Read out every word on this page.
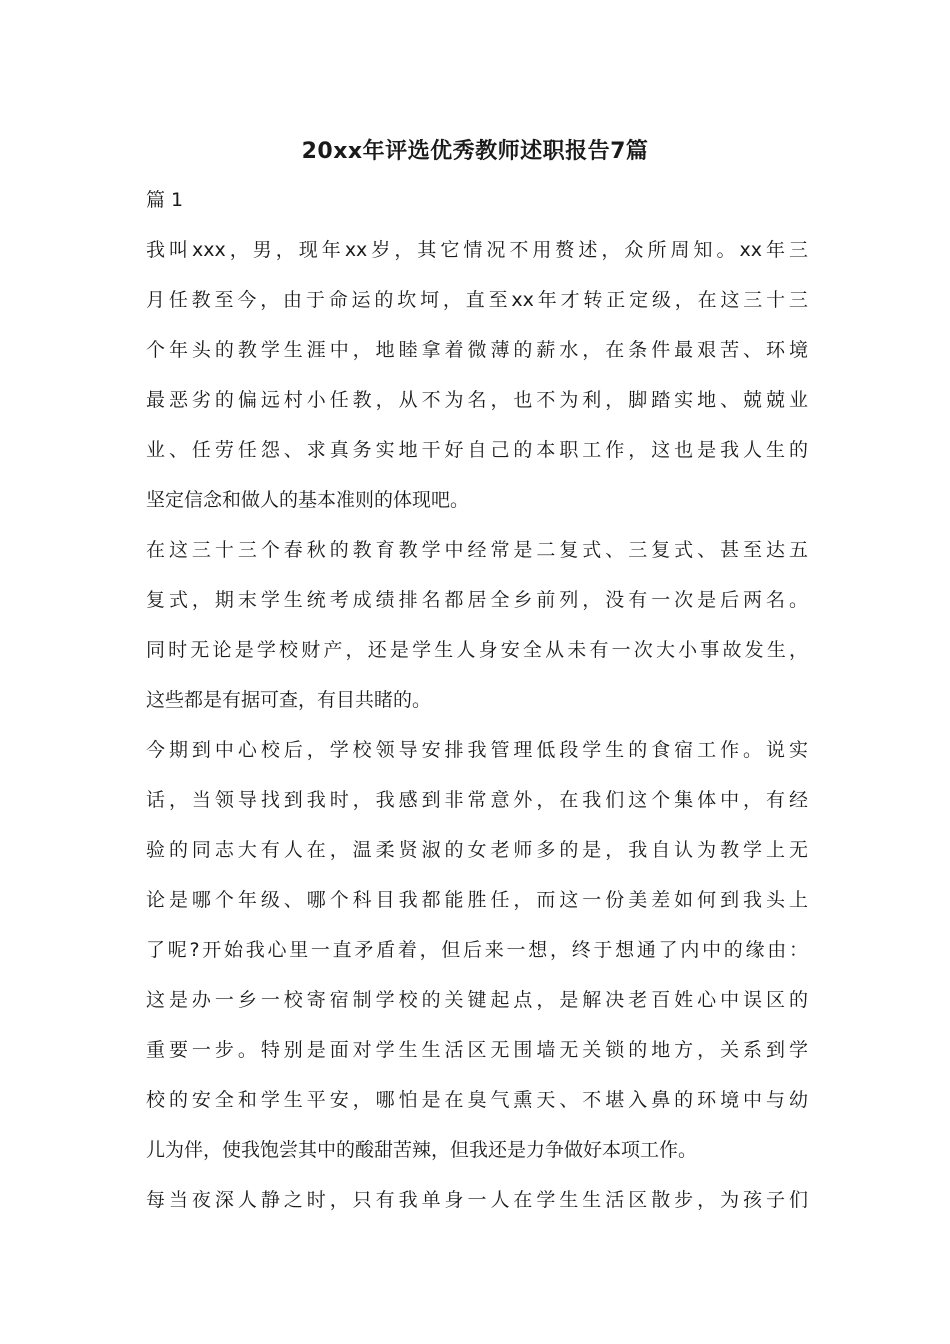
20xx年评选优秀教师述职报告7篇

篇 1

我叫xxx，男，现年xx岁，其它情况不用赘述，众所周知。xx年三

月任教至今，由于命运的坎坷，直至xx年才转正定级，在这三十三

个年头的教学生涯中，地睦拿着微薄的薪水，在条件最艰苦、环境

最恶劣的偏远村小任教，从不为名，也不为利，脚踏实地、兢兢业

业、任劳任怨、求真务实地干好自己的本职工作，这也是我人生的

坚定信念和做人的基本准则的体现吧。

在这三十三个春秋的教育教学中经常是二复式、三复式、甚至达五

复式，期末学生统考成绩排名都居全乡前列，没有一次是后两名。

同时无论是学校财产，还是学生人身安全从未有一次大小事故发生，

这些都是有据可查，有目共睹的。

今期到中心校后，学校领导安排我管理低段学生的食宿工作。说实

话，当领导找到我时，我感到非常意外，在我们这个集体中，有经

验的同志大有人在，温柔贤淑的女老师多的是，我自认为教学上无

论是哪个年级、哪个科目我都能胜任，而这一份美差如何到我头上

了呢?开始我心里一直矛盾着，但后来一想，终于想通了内中的缘由：

这是办一乡一校寄宿制学校的关键起点，是解决老百姓心中误区的

重要一步。特别是面对学生生活区无围墙无关锁的地方，关系到学

校的安全和学生平安，哪怕是在臭气熏天、不堪入鼻的环境中与幼

儿为伴，使我饱尝其中的酸甜苦辣，但我还是力争做好本项工作。

每当夜深人静之时，只有我单身一人在学生生活区散步，为孩子们
